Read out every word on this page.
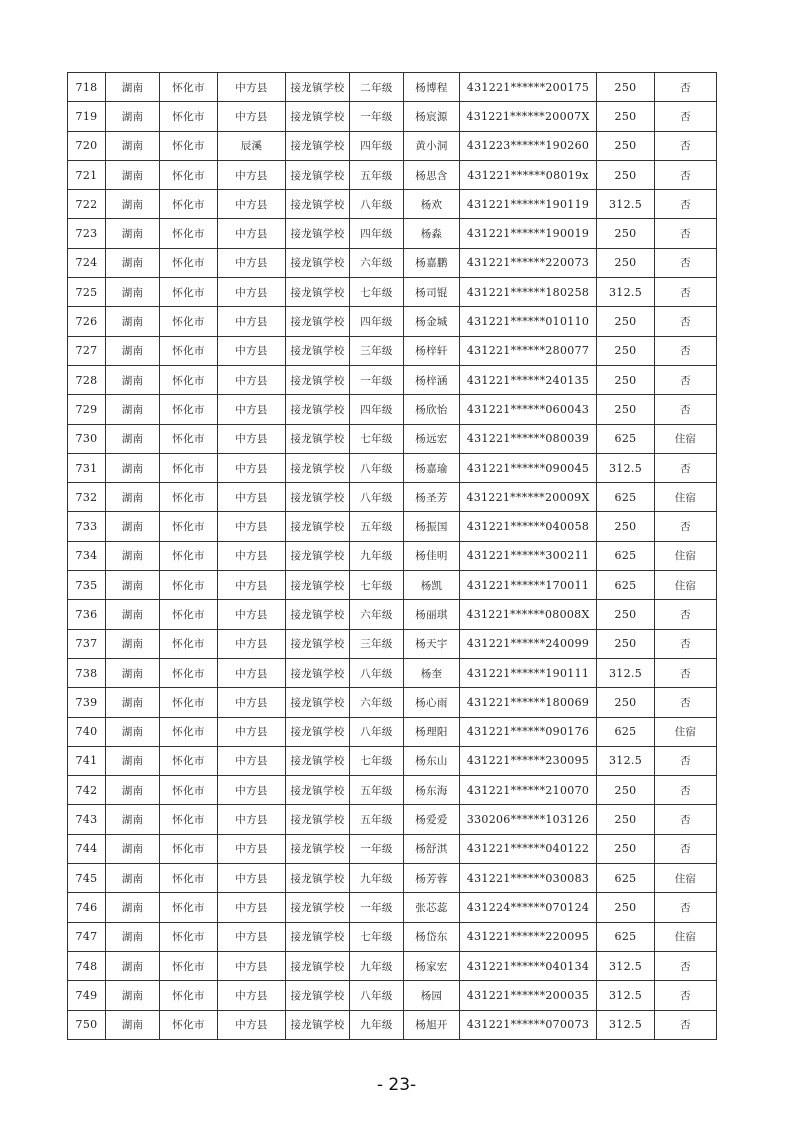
718	湖南	怀化市	中方县	接龙镇学校	二年级	杨博程	431221******200175	250	否
719	湖南	怀化市	中方县	接龙镇学校	一年级	杨宸源	431221******20007X	250	否
720	湖南	怀化市	辰溪	接龙镇学校	四年级	黄小洞	431223******190260	250	否
721	湖南	怀化市	中方县	接龙镇学校	五年级	杨思含	431221******08019x	250	否
722	湖南	怀化市	中方县	接龙镇学校	八年级	杨欢	431221******190119	312.5	否
723	湖南	怀化市	中方县	接龙镇学校	四年级	杨淼	431221******190019	250	否
724	湖南	怀化市	中方县	接龙镇学校	六年级	杨嘉鹏	431221******220073	250	否
725	湖南	怀化市	中方县	接龙镇学校	七年级	杨司锟	431221******180258	312.5	否
726	湖南	怀化市	中方县	接龙镇学校	四年级	杨金城	431221******010110	250	否
727	湖南	怀化市	中方县	接龙镇学校	三年级	杨梓轩	431221******280077	250	否
728	湖南	怀化市	中方县	接龙镇学校	一年级	杨梓涵	431221******240135	250	否
729	湖南	怀化市	中方县	接龙镇学校	四年级	杨欣怡	431221******060043	250	否
730	湖南	怀化市	中方县	接龙镇学校	七年级	杨远宏	431221******080039	625	住宿
731	湖南	怀化市	中方县	接龙镇学校	八年级	杨嘉瑜	431221******090045	312.5	否
732	湖南	怀化市	中方县	接龙镇学校	八年级	杨圣芳	431221******20009X	625	住宿
733	湖南	怀化市	中方县	接龙镇学校	五年级	杨振国	431221******040058	250	否
734	湖南	怀化市	中方县	接龙镇学校	九年级	杨佳明	431221******300211	625	住宿
735	湖南	怀化市	中方县	接龙镇学校	七年级	杨凯	431221******170011	625	住宿
736	湖南	怀化市	中方县	接龙镇学校	六年级	杨丽琪	431221******08008X	250	否
737	湖南	怀化市	中方县	接龙镇学校	三年级	杨天宇	431221******240099	250	否
738	湖南	怀化市	中方县	接龙镇学校	八年级	杨奎	431221******190111	312.5	否
739	湖南	怀化市	中方县	接龙镇学校	六年级	杨心雨	431221******180069	250	否
740	湖南	怀化市	中方县	接龙镇学校	八年级	杨理阳	431221******090176	625	住宿
741	湖南	怀化市	中方县	接龙镇学校	七年级	杨东山	431221******230095	312.5	否
742	湖南	怀化市	中方县	接龙镇学校	五年级	杨东海	431221******210070	250	否
743	湖南	怀化市	中方县	接龙镇学校	五年级	杨爱爱	330206******103126	250	否
744	湖南	怀化市	中方县	接龙镇学校	一年级	杨舒淇	431221******040122	250	否
745	湖南	怀化市	中方县	接龙镇学校	九年级	杨芳蓉	431221******030083	625	住宿
746	湖南	怀化市	中方县	接龙镇学校	一年级	张芯蕊	431224******070124	250	否
747	湖南	怀化市	中方县	接龙镇学校	七年级	杨岱东	431221******220095	625	住宿
748	湖南	怀化市	中方县	接龙镇学校	九年级	杨家宏	431221******040134	312.5	否
749	湖南	怀化市	中方县	接龙镇学校	八年级	杨园	431221******200035	312.5	否
750	湖南	怀化市	中方县	接龙镇学校	九年级	杨旭开	431221******070073	312.5	否
- 23-
